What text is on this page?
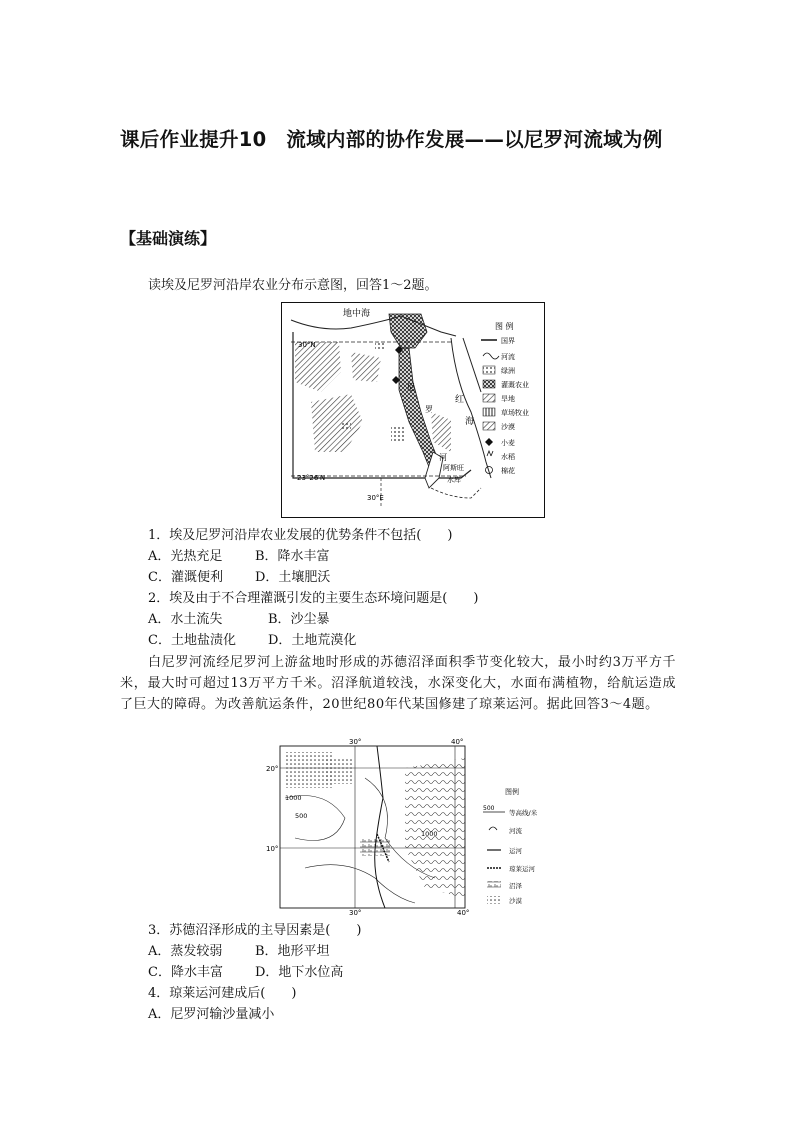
课后作业提升10　流域内部的协作发展——以尼罗河流域为例
【基础演练】

读埃及尼罗河沿岸农业分布示意图，回答1～2题。

地中海
30°N
23°26′N
30°E
红
海
尼
罗
河
阿斯旺
水库
图 例
国界
河流
绿洲
灌溉农业
旱地
草场牧业
沙漠
小麦
水稻
棉花

1．埃及尼罗河沿岸农业发展的优势条件不包括(　　)

A．光热充足	B．降水丰富
C．灌溉便利 D．土壤肥沃

2．埃及由于不合理灌溉引发的主要生态环境问题是(　　)

A．水土流失	B．沙尘暴
C．土地盐渍化 D．土地荒漠化

白尼罗河流经尼罗河上游盆地时形成的苏德沼泽面积季节变化较大，最小时约3万平方千米，最大时可超过13万平方千米。沼泽航道较浅，水深变化大，水面布满植物，给航运造成了巨大的障碍。为改善航运条件，20世纪80年代某国修建了琼莱运河。据此回答3～4题。

30°	40°
30°	40°
20°
10°
1000
500
1000
图例
500
等高线/米
河流
运河
琼莱运河
沼泽
沙漠

3．苏德沼泽形成的主导因素是(　　)

A．蒸发较弱	B．地形平坦
C．降水丰富 D．地下水位高

4．琼莱运河建成后(　　)

A．尼罗河输沙量减小
